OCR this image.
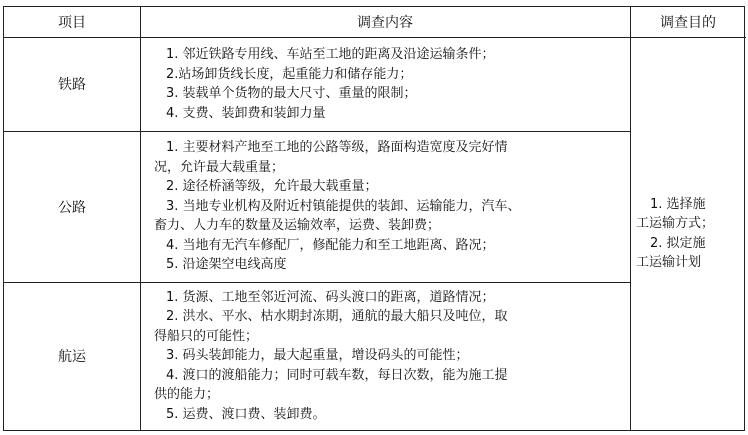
项目	调查内容	调查目的
铁路
1. 邻近铁路专用线、车站至工地的距离及沿途运输条件；
2.站场卸货线长度，起重能力和储存能力；
3. 装载单个货物的最大尺寸、重量的限制；
4. 支费、装卸费和装卸力量
公路
1. 主要材料产地至工地的公路等级，路面构造宽度及完好情
况，允许最大载重量；
2. 途径桥涵等级，允许最大载重量；
3. 当地专业机构及附近村镇能提供的装卸、运输能力，汽车、
畜力、人力车的数量及运输效率，运费、装卸费；
4. 当地有无汽车修配厂，修配能力和至工地距离、路况；
5. 沿途架空电线高度
航运
1. 货源、工地至邻近河流、码头渡口的距离，道路情况；
2. 洪水、平水、枯水期封冻期，通航的最大船只及吨位，取
得船只的可能性；
3. 码头装卸能力，最大起重量，增设码头的可能性；
4. 渡口的渡船能力；同时可载车数，每日次数，能为施工提
供的能力；
5. 运费、渡口费、装卸费。
1. 选择施
工运输方式；
2. 拟定施
工运输计划
